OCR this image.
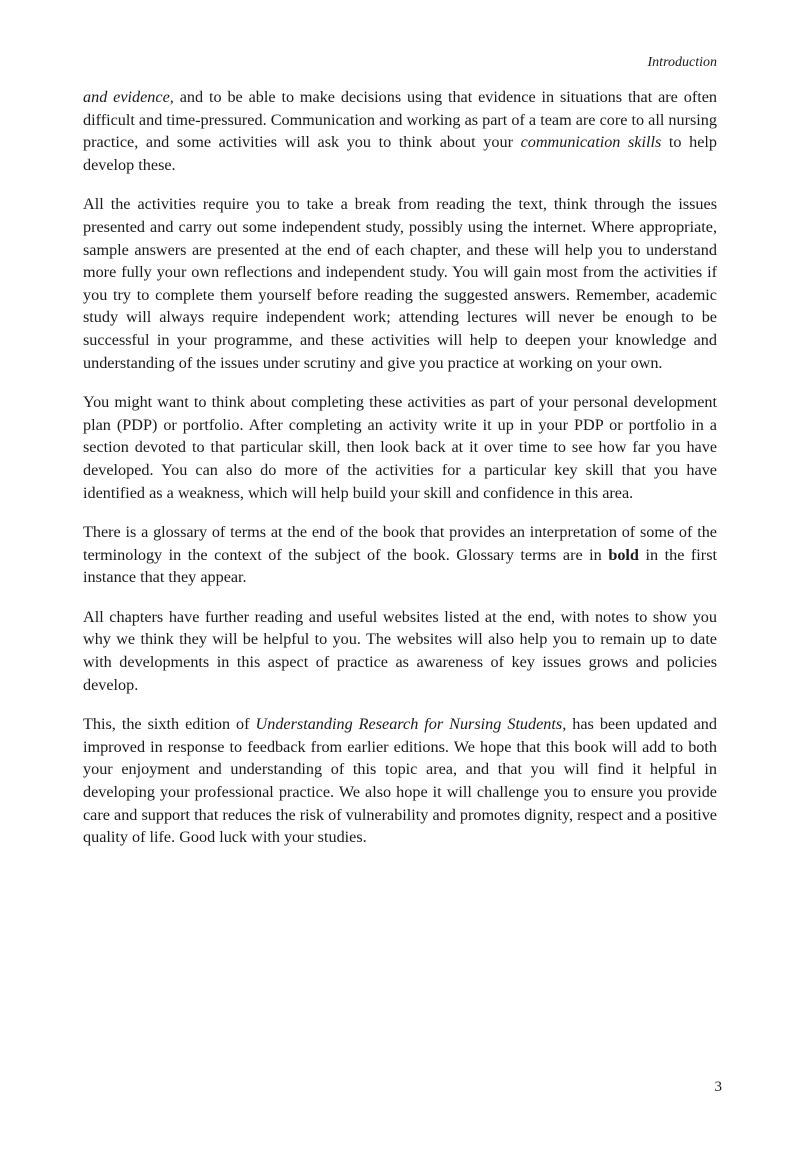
Introduction

and evidence, and to be able to make decisions using that evidence in situations that are often difficult and time-pressured. Communication and working as part of a team are core to all nursing practice, and some activities will ask you to think about your communication skills to help develop these.

All the activities require you to take a break from reading the text, think through the issues presented and carry out some independent study, possibly using the internet. Where appropriate, sample answers are presented at the end of each chapter, and these will help you to understand more fully your own reflections and independent study. You will gain most from the activities if you try to complete them yourself before reading the suggested answers. Remember, academic study will always require independent work; attending lectures will never be enough to be successful in your programme, and these activities will help to deepen your knowledge and understanding of the issues under scrutiny and give you practice at working on your own.

You might want to think about completing these activities as part of your personal development plan (PDP) or portfolio. After completing an activity write it up in your PDP or portfolio in a section devoted to that particular skill, then look back at it over time to see how far you have developed. You can also do more of the activities for a particular key skill that you have identified as a weakness, which will help build your skill and confidence in this area.

There is a glossary of terms at the end of the book that provides an interpretation of some of the terminology in the context of the subject of the book. Glossary terms are in bold in the first instance that they appear.

All chapters have further reading and useful websites listed at the end, with notes to show you why we think they will be helpful to you. The websites will also help you to remain up to date with developments in this aspect of practice as awareness of key issues grows and policies develop.

This, the sixth edition of Understanding Research for Nursing Students, has been updated and improved in response to feedback from earlier editions. We hope that this book will add to both your enjoyment and understanding of this topic area, and that you will find it helpful in developing your professional practice. We also hope it will challenge you to ensure you provide care and support that reduces the risk of vulnerability and promotes dignity, respect and a positive quality of life. Good luck with your studies.

3
